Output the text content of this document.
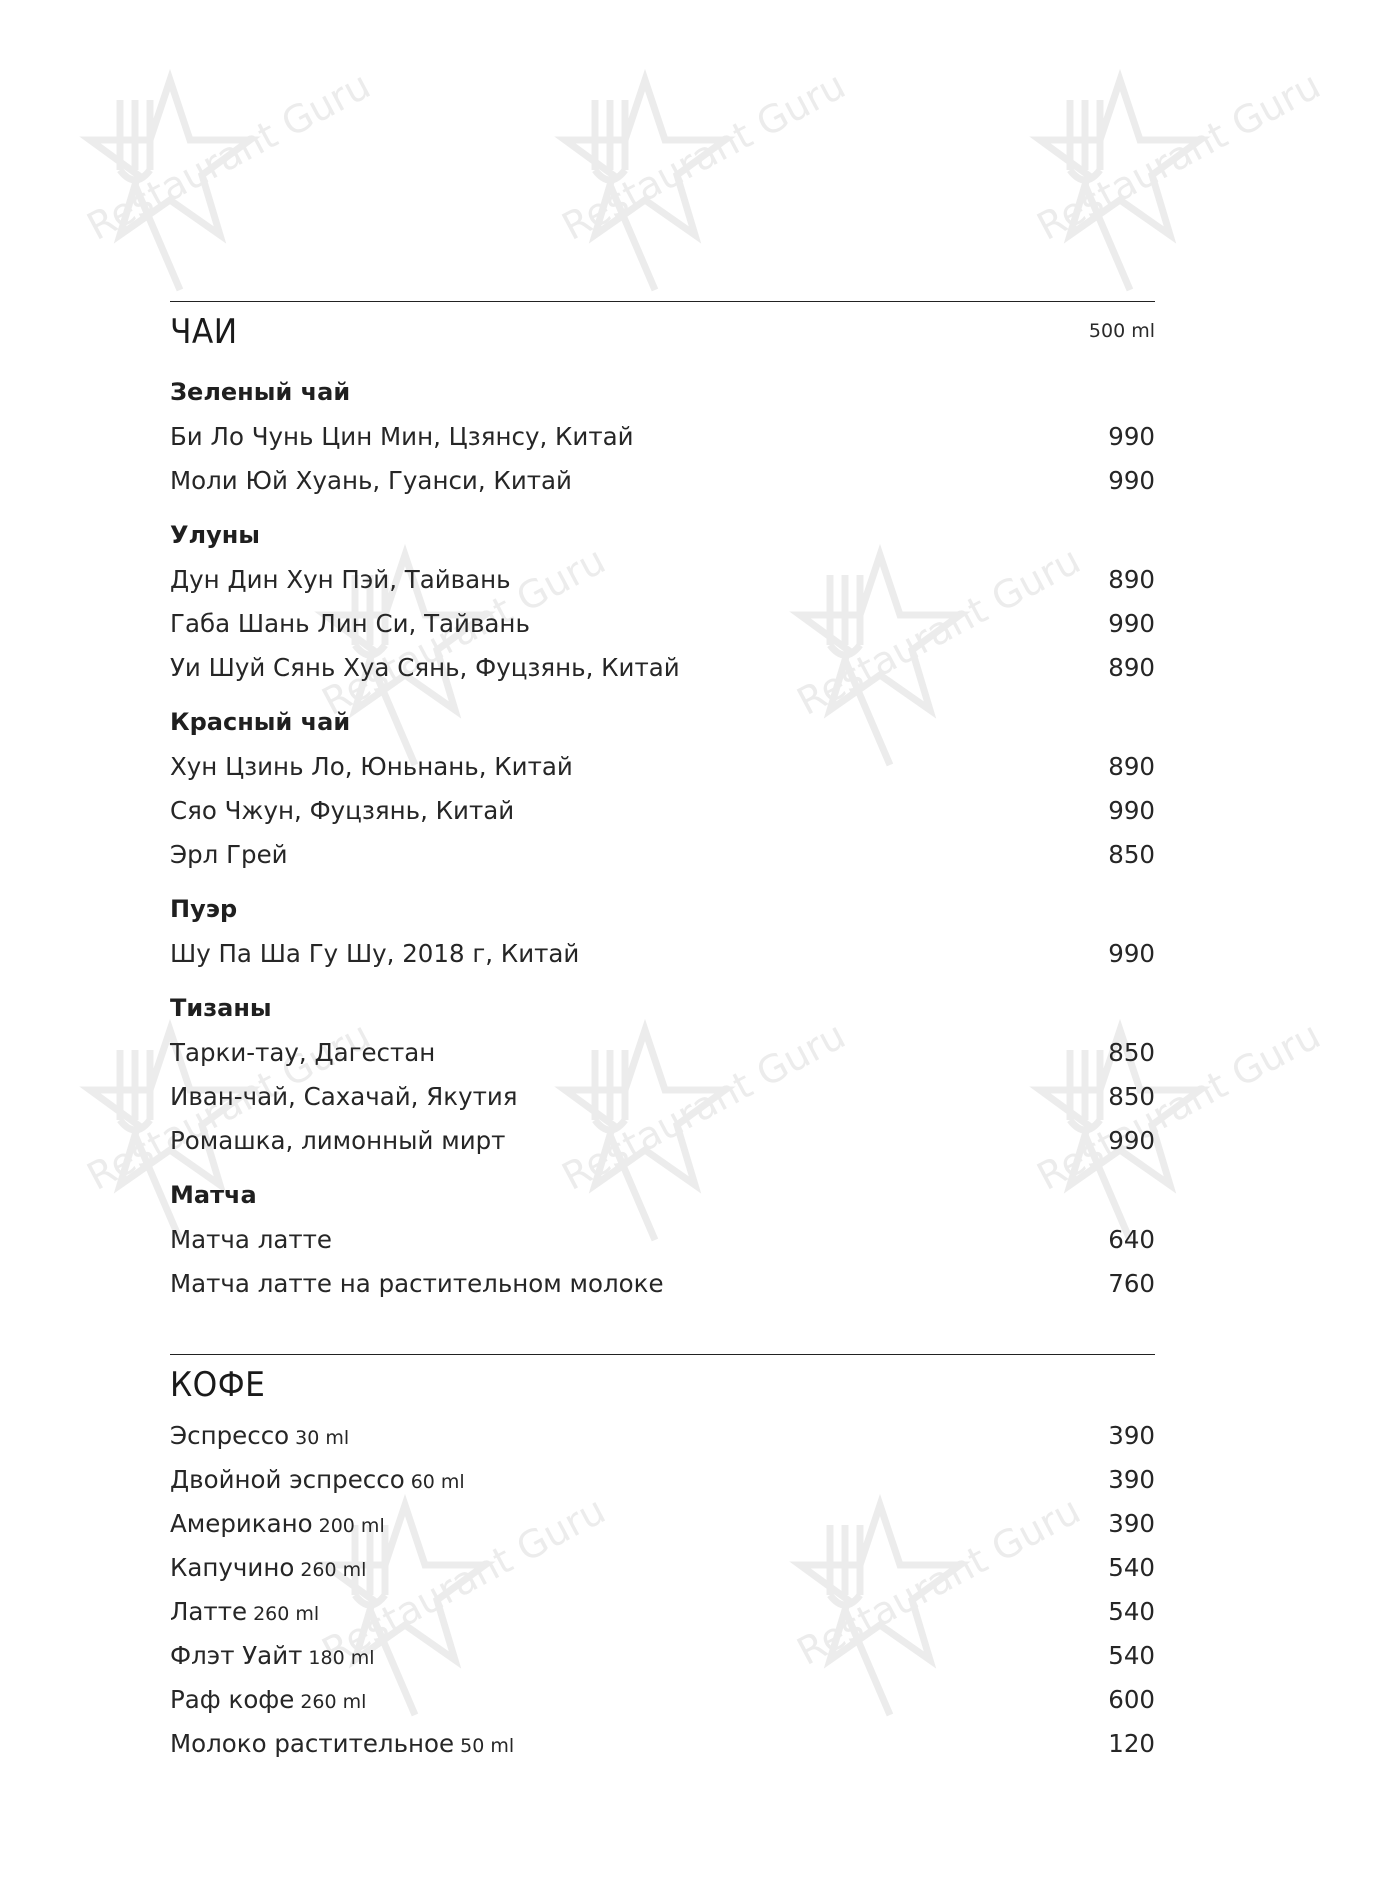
Restaurant Guru
Restaurant Guru
Restaurant Guru
Restaurant Guru
Restaurant Guru
Restaurant Guru
Restaurant Guru
Restaurant Guru
Restaurant Guru
Restaurant Guru
ЧАИ	500 ml
Зеленый чай
Би Ло Чунь Цин Мин, Цзянсу, Китай	990
Моли Юй Хуань, Гуанси, Китай	990
Улуны
Дун Дин Хун Пэй, Тайвань	890
Габа Шань Лин Си, Тайвань	990
Уи Шуй Сянь Хуа Сянь, Фуцзянь, Китай	890
Красный чай
Хун Цзинь Ло, Юньнань, Китай	890
Сяо Чжун, Фуцзянь, Китай	990
Эрл Грей	850
Пуэр
Шу Па Ша Гу Шу, 2018 г, Китай	990
Тизаны
Тарки-тау, Дагестан	850
Иван-чай, Сахачай, Якутия	850
Ромашка, лимонный мирт	990
Матча
Матча латте	640
Матча латте на растительном молоке	760
КОФЕ
Эспрессо 30 ml	390
Двойной эспрессо 60 ml	390
Американо 200 ml	390
Капучино 260 ml	540
Латте 260 ml	540
Флэт Уайт 180 ml	540
Раф кофе 260 ml	600
Молоко растительное 50 ml	120
